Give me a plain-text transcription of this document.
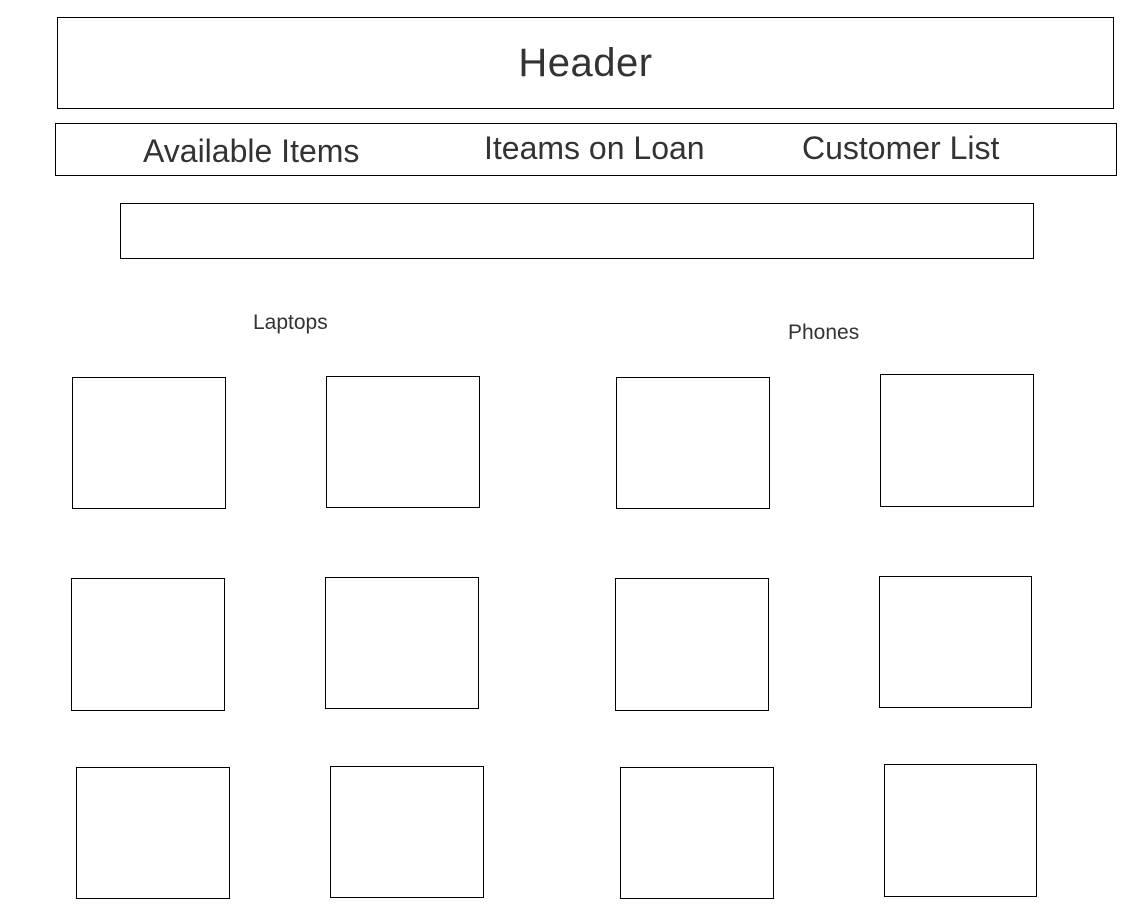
Header
Available Items	Iteams on Loan	Customer List
Laptops	Phones
